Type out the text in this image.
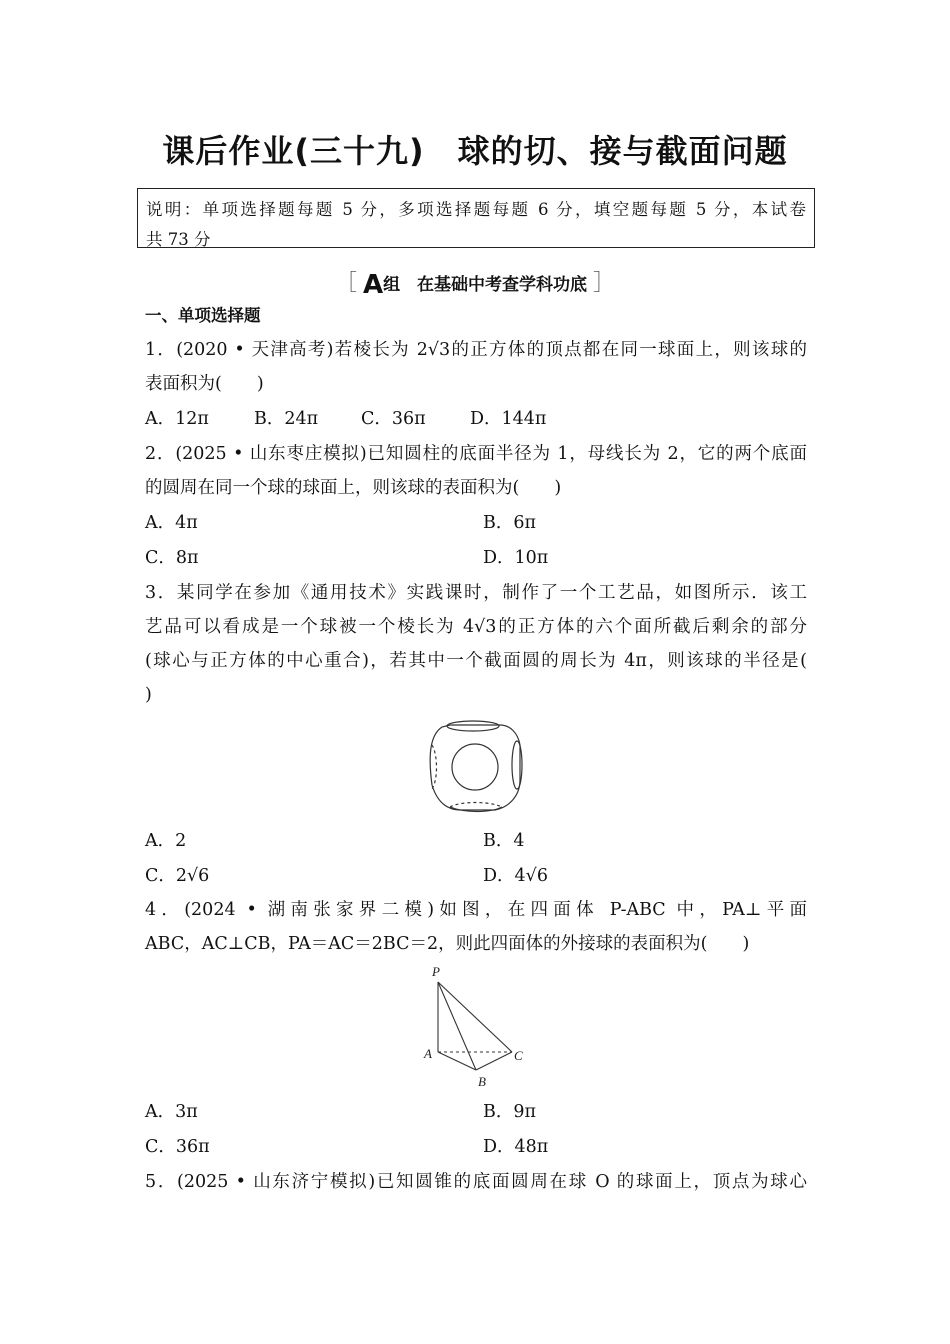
课后作业(三十九)　球的切、接与截面问题
说明：单项选择题每题 5 分，多项选择题每题 6 分，填空题每题 5 分，本试卷
共 73 分
［ A组　在基础中考查学科功底 ］
一、单项选择题
1．(2020 • 天津高考)若棱长为 2√3的正方体的顶点都在同一球面上，则该球的
表面积为(　　)
A．12π	B．24π C．36π	D．144π
2．(2025 • 山东枣庄模拟)已知圆柱的底面半径为 1，母线长为 2，它的两个底面
的圆周在同一个球的球面上，则该球的表面积为(　　)
A．4π	B．6π
C．8π	D．10π
3．某同学在参加《通用技术》实践课时，制作了一个工艺品，如图所示．该工
艺品可以看成是一个球被一个棱长为 4√3的正方体的六个面所截后剩余的部分
(球心与正方体的中心重合)，若其中一个截面圆的周长为 4π，则该球的半径是(
)
A．2	B．4
C．2√6	D．4√6
4．(2024 • 湖南张家界二模)如图，在四面体 P-ABC 中，PA⊥平面
ABC，AC⊥CB，PA＝AC＝2BC＝2，则此四面体的外接球的表面积为(　　)
P
A
B
C
A．3π	B．9π
C．36π	D．48π
5．(2025 • 山东济宁模拟)已知圆锥的底面圆周在球 O 的球面上，顶点为球心
